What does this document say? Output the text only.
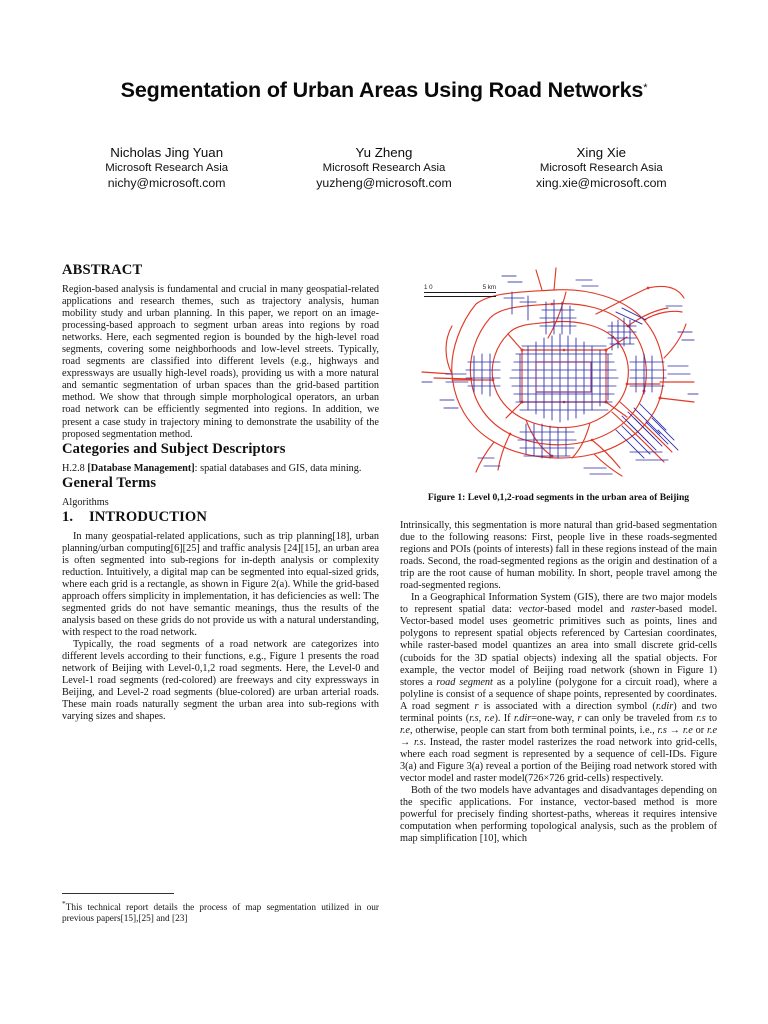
Segmentation of Urban Areas Using Road Networks*
Nicholas Jing Yuan
Microsoft Research Asia
nichy@microsoft.com
Yu Zheng
Microsoft Research Asia
yuzheng@microsoft.com
Xing Xie
Microsoft Research Asia
xing.xie@microsoft.com
ABSTRACT

Region-based analysis is fundamental and crucial in many geospatial-related applications and research themes, such as trajectory analysis, human mobility study and urban planning. In this paper, we report on an image-processing-based approach to segment urban areas into regions by road networks. Here, each segmented region is bounded by the high-level road segments, covering some neighborhoods and low-level streets. Typically, road segments are classified into different levels (e.g., highways and expressways are usually high-level roads), providing us with a more natural and semantic segmentation of urban spaces than the grid-based partition method. We show that through simple morphological operators, an urban road network can be efficiently segmented into regions. In addition, we present a case study in trajectory mining to demonstrate the usability of the proposed segmentation method.

Categories and Subject Descriptors

H.2.8 [Database Management]: spatial databases and GIS, data mining.

General Terms

Algorithms

1.	INTRODUCTION

In many geospatial-related applications, such as trip planning[18], urban planning/urban computing[6][25] and traffic analysis [24][15], an urban area is often segmented into sub-regions for in-depth analysis or complexity reduction. Intuitively, a digital map can be segmented into equal-sized grids, where each grid is a rectangle, as shown in Figure 2(a). While the grid-based approach offers simplicity in implementation, it has deficiencies as well: The segmented grids do not have semantic meanings, thus the results of the analysis based on these grids do not provide us with a natural understanding, with respect to the road network.

Typically, the road segments of a road network are categorizes into different levels according to their functions, e.g., Figure 1 presents the road network of Beijing with Level-0,1,2 road segments. Here, the Level-0 and Level-1 road segments (red-colored) are freeways and city expressways in Beijing, and Level-2 road segments (blue-colored) are urban arterial roads. These main roads naturally segment the urban area into sub-regions with varying sizes and shapes.

1 0	5 km

Figure 1: Level 0,1,2-road segments in the urban area of Beijing

Intrinsically, this segmentation is more natural than grid-based segmentation due to the following reasons: First, people live in these roads-segmented regions and POIs (points of interests) fall in these regions instead of the main roads. Second, the road-segmented regions as the origin and destination of a trip are the root cause of human mobility. In short, people travel among the road-segmented regions.

In a Geographical Information System (GIS), there are two major models to represent spatial data: vector-based model and raster-based model. Vector-based model uses geometric primitives such as points, lines and polygons to represent spatial objects referenced by Cartesian coordinates, while raster-based model quantizes an area into small discrete grid-cells (cuboids for the 3D spatial objects) indexing all the spatial objects. For example, the vector model of Beijing road network (shown in Figure 1) stores a road segment as a polyline (polygone for a circuit road), where a polyline is consist of a sequence of shape points, represented by coordinates. A road segment r is associated with a direction symbol (r.dir) and two terminal points (r.s, r.e). If r.dir=one-way, r can only be traveled from r.s to r.e, otherwise, people can start from both terminal points, i.e., r.s → r.e or r.e → r.s. Instead, the raster model rasterizes the road network into grid-cells, where each road segment is represented by a sequence of cell-IDs. Figure 3(a) and Figure 3(a) reveal a portion of the Beijing road network stored with vector model and raster model(726×726 grid-cells) respectively.

Both of the two models have advantages and disadvantages depending on the specific applications. For instance, vector-based method is more powerful for precisely finding shortest-paths, whereas it requires intensive computation when performing topological analysis, such as the problem of map simplification [10], which

*This technical report details the process of map segmentation utilized in our previous papers[15],[25] and [23]
